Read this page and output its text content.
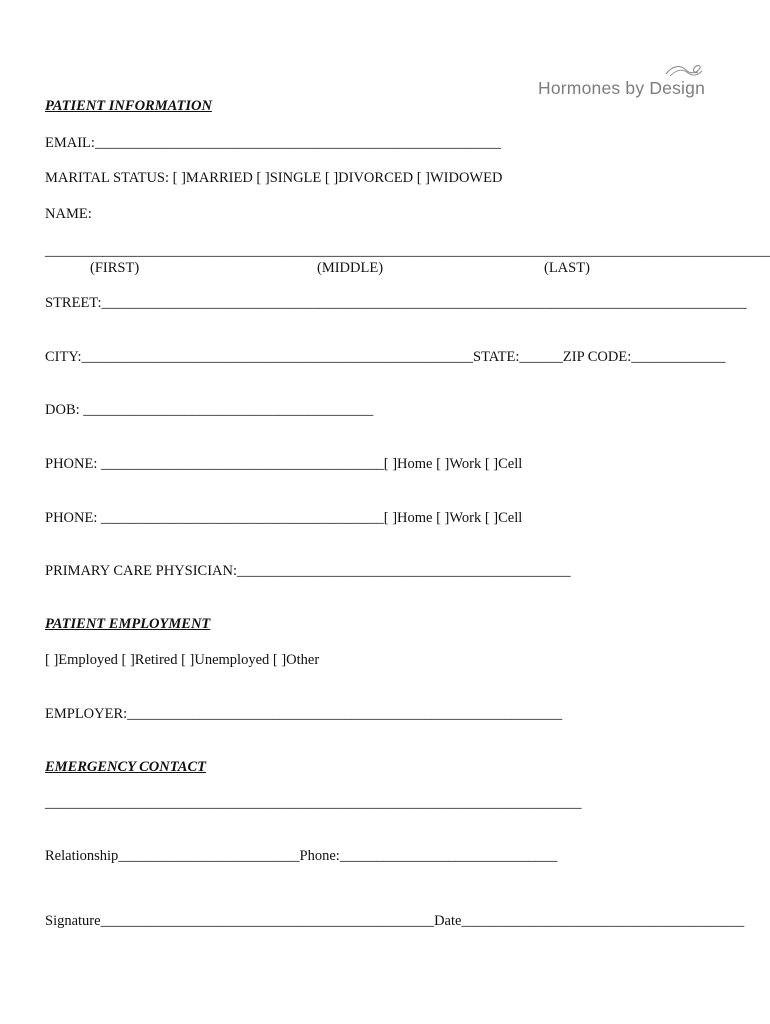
Hormones by Design
PATIENT INFORMATION
EMAIL:________________________________________________________
MARITAL STATUS: [ ]MARRIED [ ]SINGLE [ ]DIVORCED [ ]WIDOWED
NAME:
____________________________________________________________________________________________________
(FIRST)	(MIDDLE)	(LAST)
STREET:_________________________________________________________________________________________
CITY:______________________________________________________STATE:______ZIP CODE:_____________
DOB: ________________________________________
PHONE: _______________________________________[ ]Home [ ]Work [ ]Cell
PHONE: _______________________________________[ ]Home [ ]Work [ ]Cell
PRIMARY CARE PHYSICIAN:______________________________________________
PATIENT EMPLOYMENT
[ ]Employed [ ]Retired [ ]Unemployed [ ]Other
EMPLOYER:____________________________________________________________
EMERGENCY CONTACT
__________________________________________________________________________
Relationship_________________________Phone:______________________________
Signature______________________________________________Date_______________________________________
